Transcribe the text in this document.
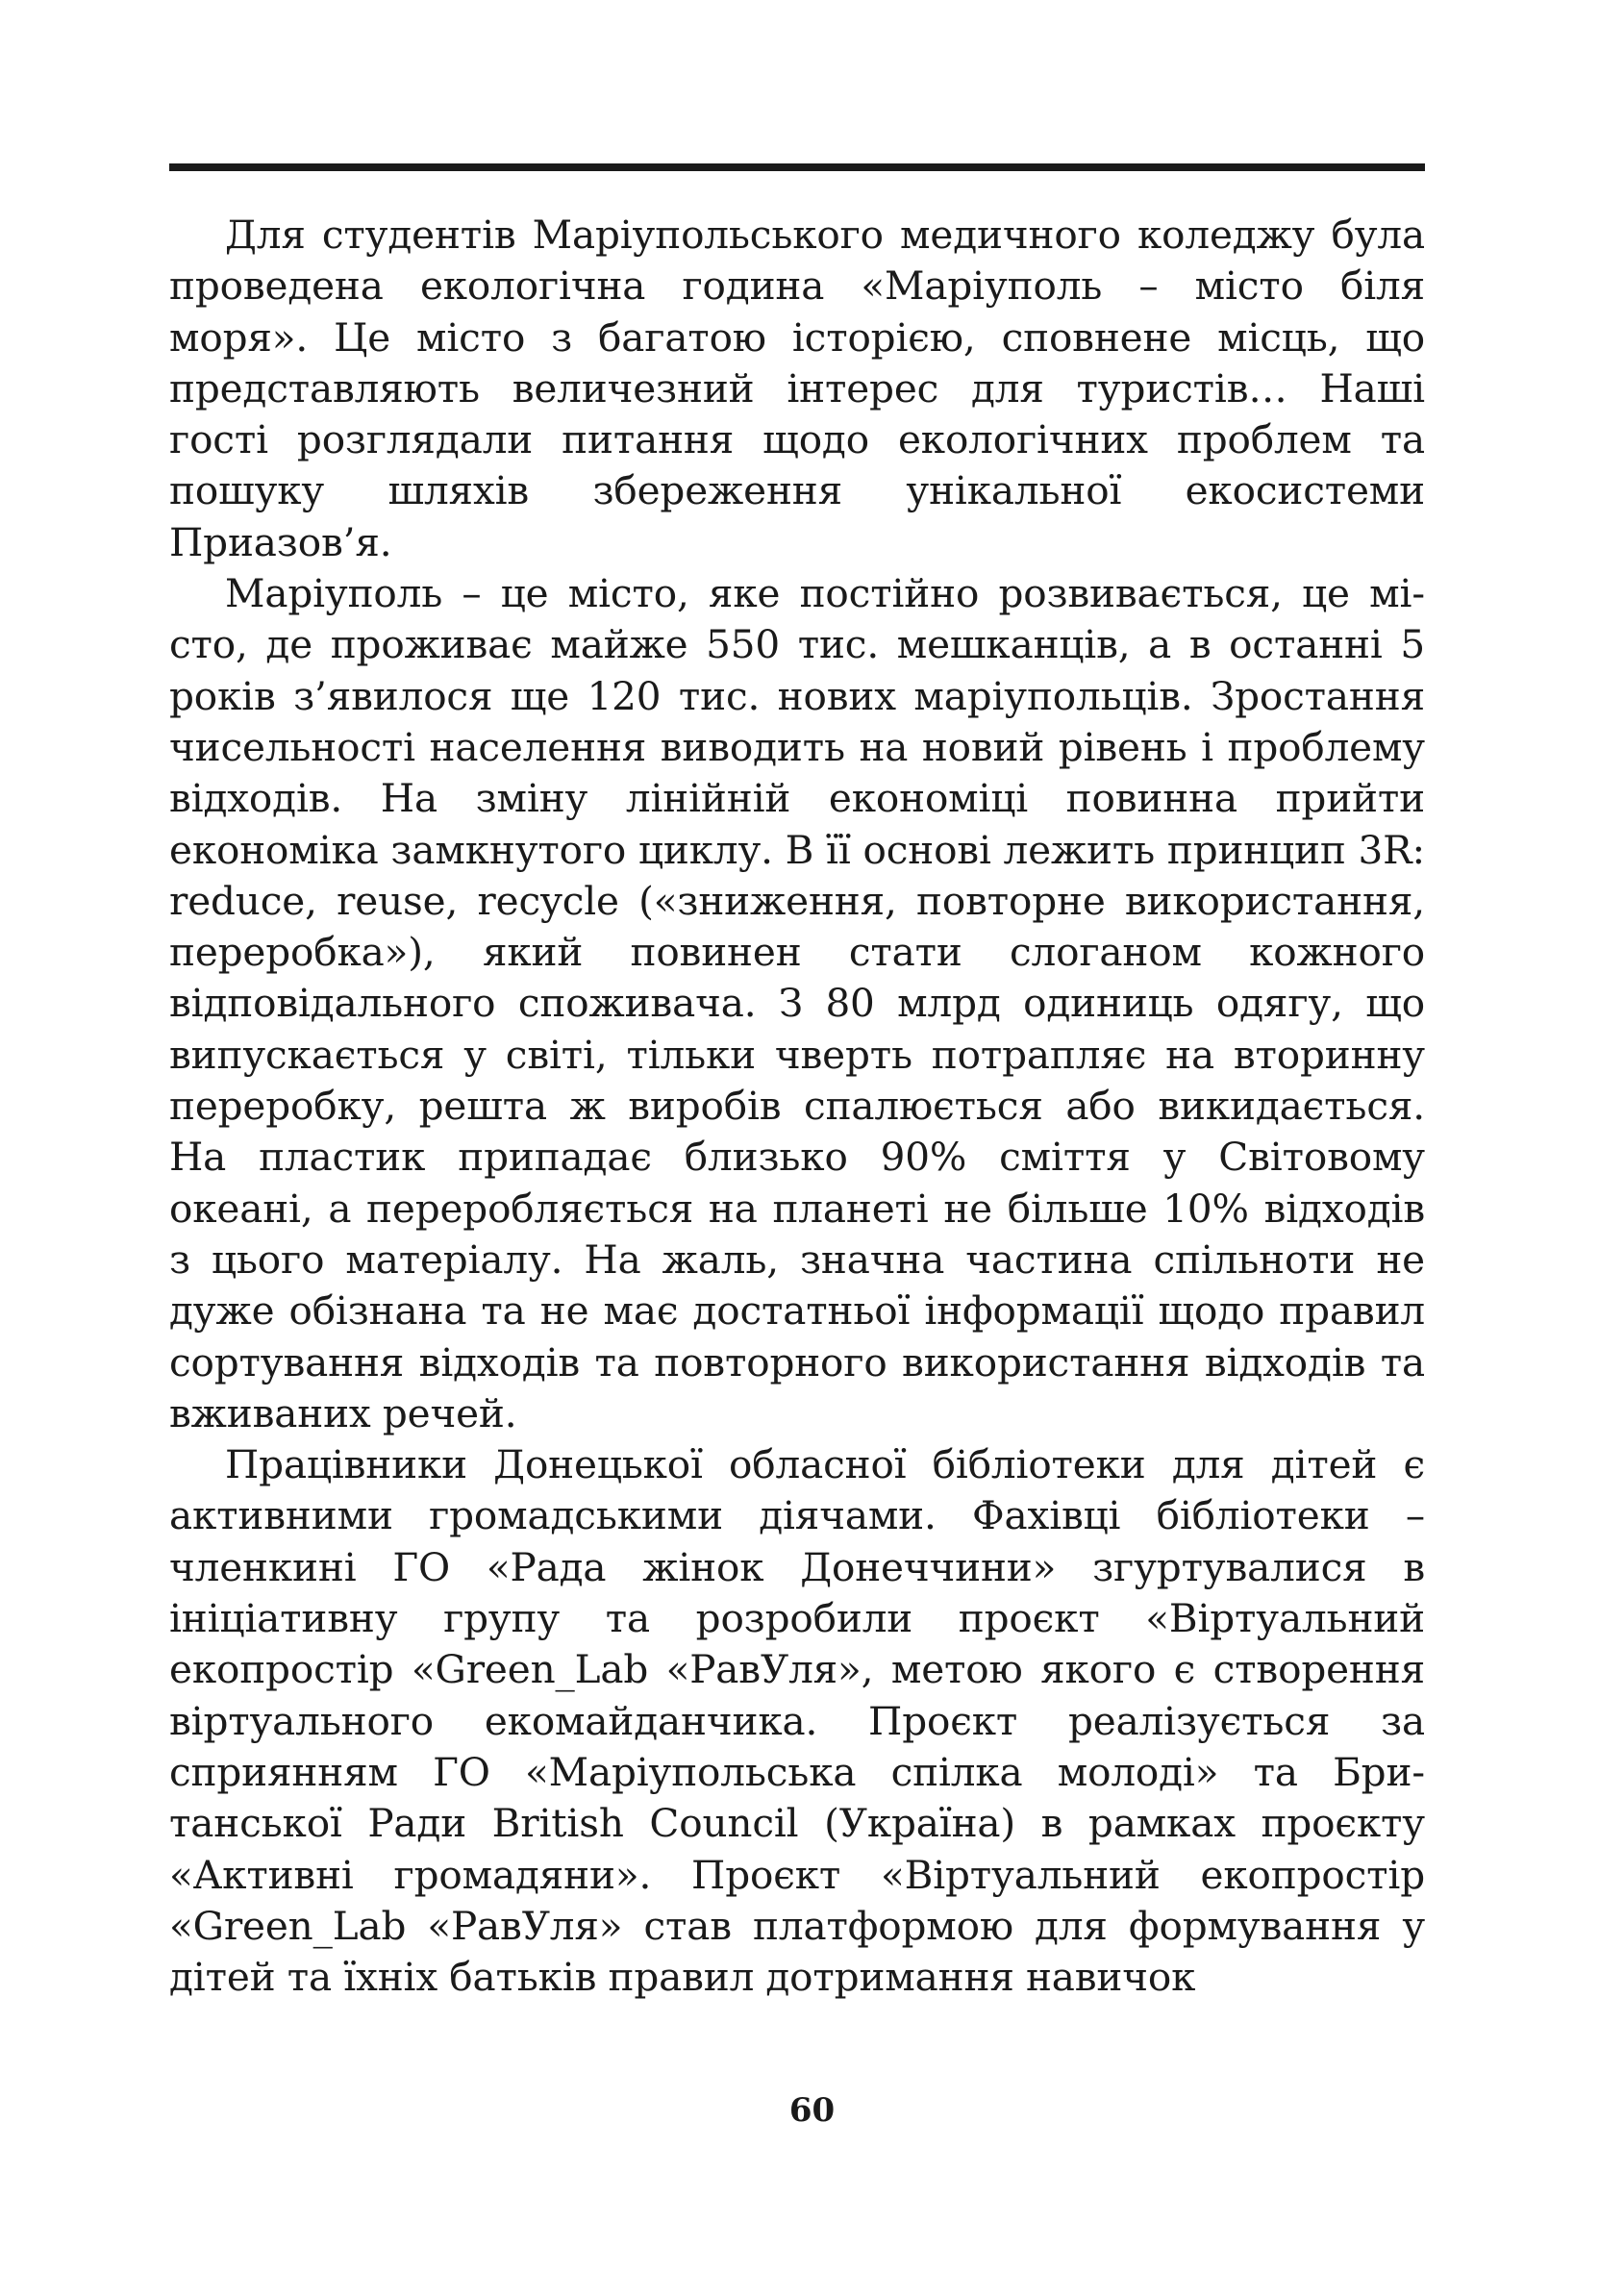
Для студентів Маріупольського медичного коледжу була проведена екологічна година «Маріуполь – місто біля моря». Це місто з багатою історією, сповнене місць, що представляють величезний інтерес для туристів… Наші гості розглядали питання щодо екологічних проблем та пошуку шляхів збереження унікальної екосистеми Приазов’я.

Маріуполь – це місто, яке постійно розвивається, це місто, де проживає майже 550 тис. мешканців, а в останні 5 років з’явилося ще 120 тис. нових маріупольців. Зростання чисельності населення виводить на новий рівень і проблему відходів. На зміну лінійній економіці повинна прийти економіка замкнутого циклу. В її основі лежить принцип 3R: reduce, reuse, recycle («зниження, повторне використання, переробка»), який повинен стати слоганом кожного відповідального споживача. З 80 млрд одиниць одягу, що випускається у світі, тільки чверть потрапляє на вторинну переробку, решта ж виробів спалюється або викидається. На пластик припадає близько 90% сміття у Світовому океані, а переробляється на планеті не більше 10% відходів з цього матеріалу. На жаль, значна частина спільноти не дуже обізнана та не має достатньої інформації щодо правил сортування відходів та повторного використання відходів та вживаних речей.

Працівники Донецької обласної бібліотеки для дітей є активними громадськими діячами. Фахівці бібліотеки – членкині ГО «Рада жінок Донеччини» згуртувалися в ініціативну групу та розробили проєкт «Віртуальний екопростір «Green_Lab «РавУля», метою якого є створення віртуального екомайданчика. Проєкт реалізується за сприянням ГО «Маріупольська спілка молоді» та Британської Ради British Council (Україна) в рамках проєкту «Активні громадяни». Проєкт «Віртуальний екопростір «Green_Lab «РавУля» став платформою для формування у дітей та їхніх батьків правил дотримання навичок

60
